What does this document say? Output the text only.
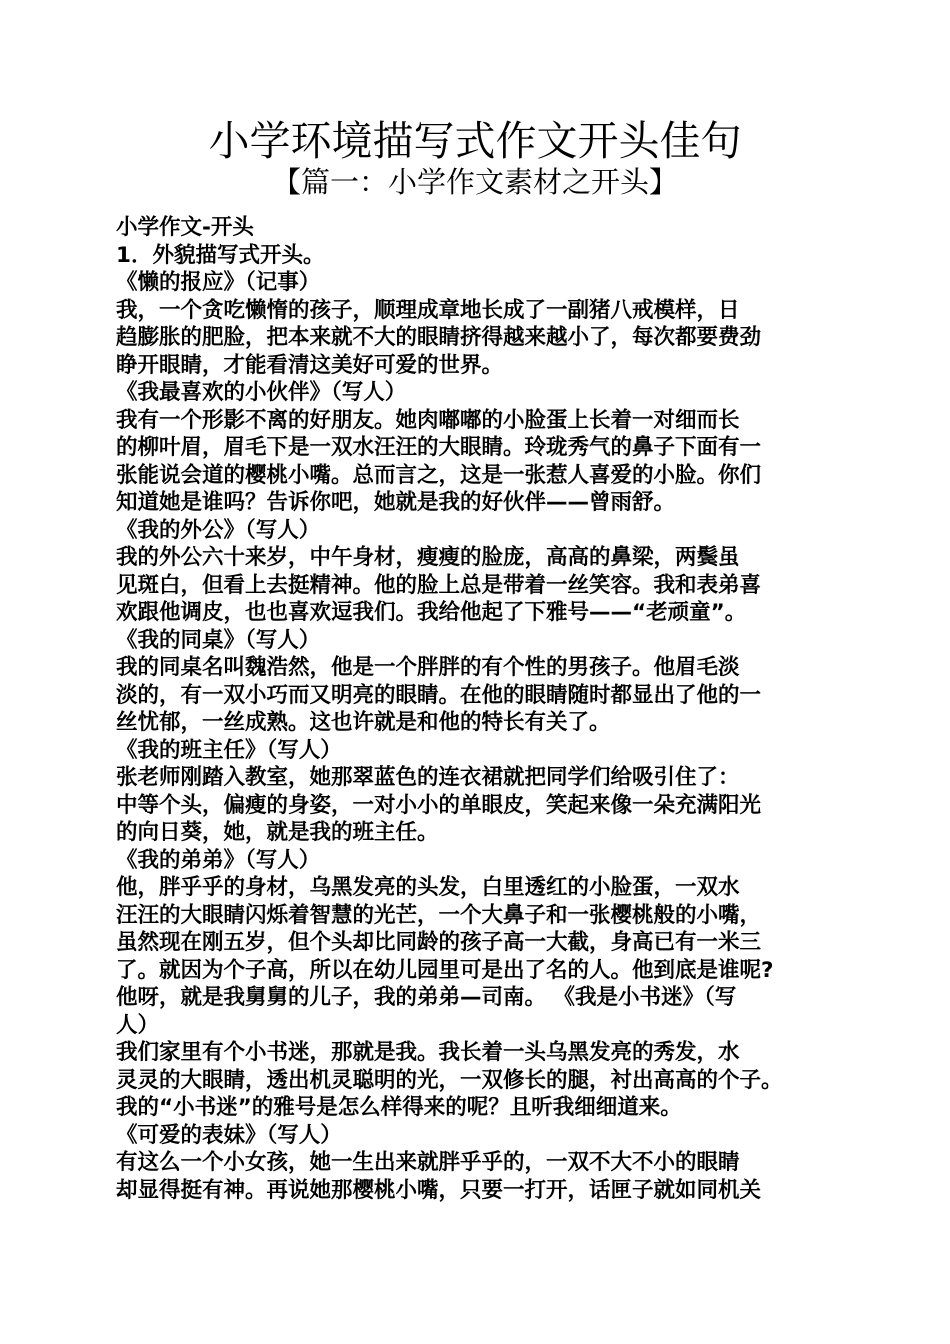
小学环境描写式作文开头佳句
【篇一：小学作文素材之开头】
小学作文-开头
1．外貌描写式开头。
《懒的报应》（记事）
我，一个贪吃懒惰的孩子，顺理成章地长成了一副猪八戒模样，日
趋膨胀的肥脸，把本来就不大的眼睛挤得越来越小了，每次都要费劲
睁开眼睛，才能看清这美好可爱的世界。
《我最喜欢的小伙伴》（写人）
我有一个形影不离的好朋友。她肉嘟嘟的小脸蛋上长着一对细而长
的柳叶眉，眉毛下是一双水汪汪的大眼睛。玲珑秀气的鼻子下面有一
张能说会道的樱桃小嘴。总而言之，这是一张惹人喜爱的小脸。你们
知道她是谁吗？告诉你吧，她就是我的好伙伴——曾雨舒。
《我的外公》（写人）
我的外公六十来岁，中午身材，瘦瘦的脸庞，高高的鼻梁，两鬓虽
见斑白，但看上去挺精神。他的脸上总是带着一丝笑容。我和表弟喜
欢跟他调皮，也也喜欢逗我们。我给他起了下雅号——“老顽童”。
《我的同桌》（写人）
我的同桌名叫魏浩然，他是一个胖胖的有个性的男孩子。他眉毛淡
淡的，有一双小巧而又明亮的眼睛。在他的眼睛随时都显出了他的一
丝忧郁，一丝成熟。这也许就是和他的特长有关了。
《我的班主任》（写人）
张老师刚踏入教室，她那翠蓝色的连衣裙就把同学们给吸引住了：
中等个头，偏瘦的身姿，一对小小的单眼皮，笑起来像一朵充满阳光
的向日葵，她，就是我的班主任。
《我的弟弟》（写人）
他，胖乎乎的身材，乌黑发亮的头发，白里透红的小脸蛋，一双水
汪汪的大眼睛闪烁着智慧的光芒，一个大鼻子和一张樱桃般的小嘴，
虽然现在刚五岁，但个头却比同龄的孩子高一大截，身高已有一米三
了。就因为个子高，所以在幼儿园里可是出了名的人。他到底是谁呢?
他呀，就是我舅舅的儿子，我的弟弟—司南。 《我是小书迷》（写
人）
我们家里有个小书迷，那就是我。我长着一头乌黑发亮的秀发，水
灵灵的大眼睛，透出机灵聪明的光，一双修长的腿，衬出高高的个子。
我的“小书迷”的雅号是怎么样得来的呢？且听我细细道来。
《可爱的表妹》（写人）
有这么一个小女孩，她一生出来就胖乎乎的，一双不大不小的眼睛
却显得挺有神。再说她那樱桃小嘴，只要一打开，话匣子就如同机关
